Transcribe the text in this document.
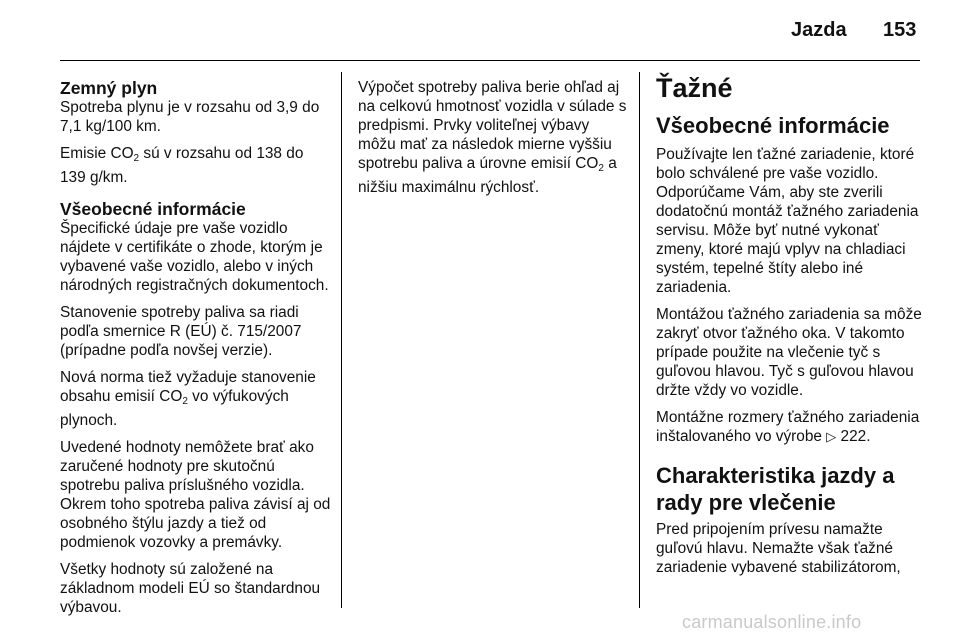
Jazda 153
Zemný plyn

Spotreba plynu je v rozsahu od 3,9 do 7,1 kg/100 km.

Emisie $CO_2$ sú v rozsahu od 138 do 139 g/km.

Všeobecné informácie

Špecifické údaje pre vaše vozidlo nájdete v certifikáte o zhode, ktorým je vybavené vaše vozidlo, alebo v iných národných registračných dokumentoch.

Stanovenie spotreby paliva sa riadi podľa smernice R (EÚ) č. 715/2007 (prípadne podľa novšej verzie).

Nová norma tiež vyžaduje stanovenie obsahu emisií $CO_2$ vo výfukových plynoch.

Uvedené hodnoty nemôžete brať ako zaručené hodnoty pre skutočnú spotrebu paliva príslušného vozidla. Okrem toho spotreba paliva závisí aj od osobného štýlu jazdy a tiež od podmienok vozovky a premávky.

Všetky hodnoty sú založené na základnom modeli EÚ so štandardnou výbavou.

Výpočet spotreby paliva berie ohľad aj na celkovú hmotnosť vozidla v súlade s predpismi. Prvky voliteľnej výbavy môžu mať za následok mierne vyššiu spotrebu paliva a úrovne emisií $CO_2$ a nižšiu maximálnu rýchlosť.

Ťažné
Všeobecné informácie

Používajte len ťažné zariadenie, ktoré bolo schválené pre vaše vozidlo. Odporúčame Vám, aby ste zverili dodatočnú montáž ťažného zariadenia servisu. Môže byť nutné vykonať zmeny, ktoré majú vplyv na chladiaci systém, tepelné štíty alebo iné zariadenia.

Montážou ťažného zariadenia sa môže zakryť otvor ťažného oka. V takomto prípade použite na vlečenie tyč s guľovou hlavou. Tyč s guľovou hlavou držte vždy vo vozidle.

Montážne rozmery ťažného zariadenia inštalovaného vo výrobe ▷ 222.

Charakteristika jazdy a rady pre vlečenie

Pred pripojením prívesu namažte guľovú hlavu. Nemažte však ťažné zariadenie vybavené stabilizátorom,

carmanualsonline.info
